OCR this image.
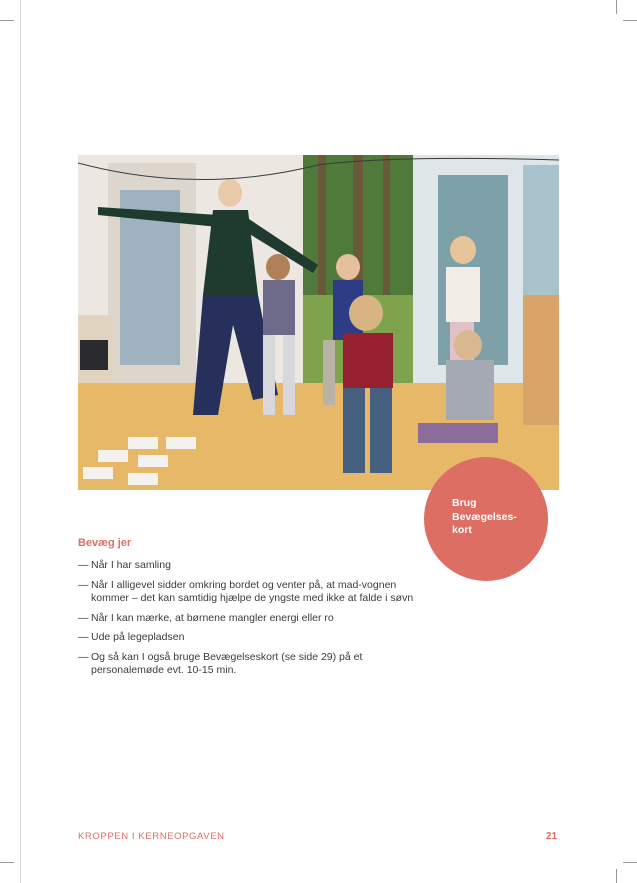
Brug
Bevægelses-
kort
Bevæg jer
— Når I har samling
— Når I alligevel sidder omkring bordet og venter på, at mad-vognen kommer – det kan samtidig hjælpe de yngste med ikke at falde i søvn
— Når I kan mærke, at børnene mangler energi eller ro
— Ude på legepladsen
— Og så kan I også bruge Bevægelseskort (se side 29) på et personalemøde evt. 10-15 min.
KROPPEN I KERNEOPGAVEN	21
